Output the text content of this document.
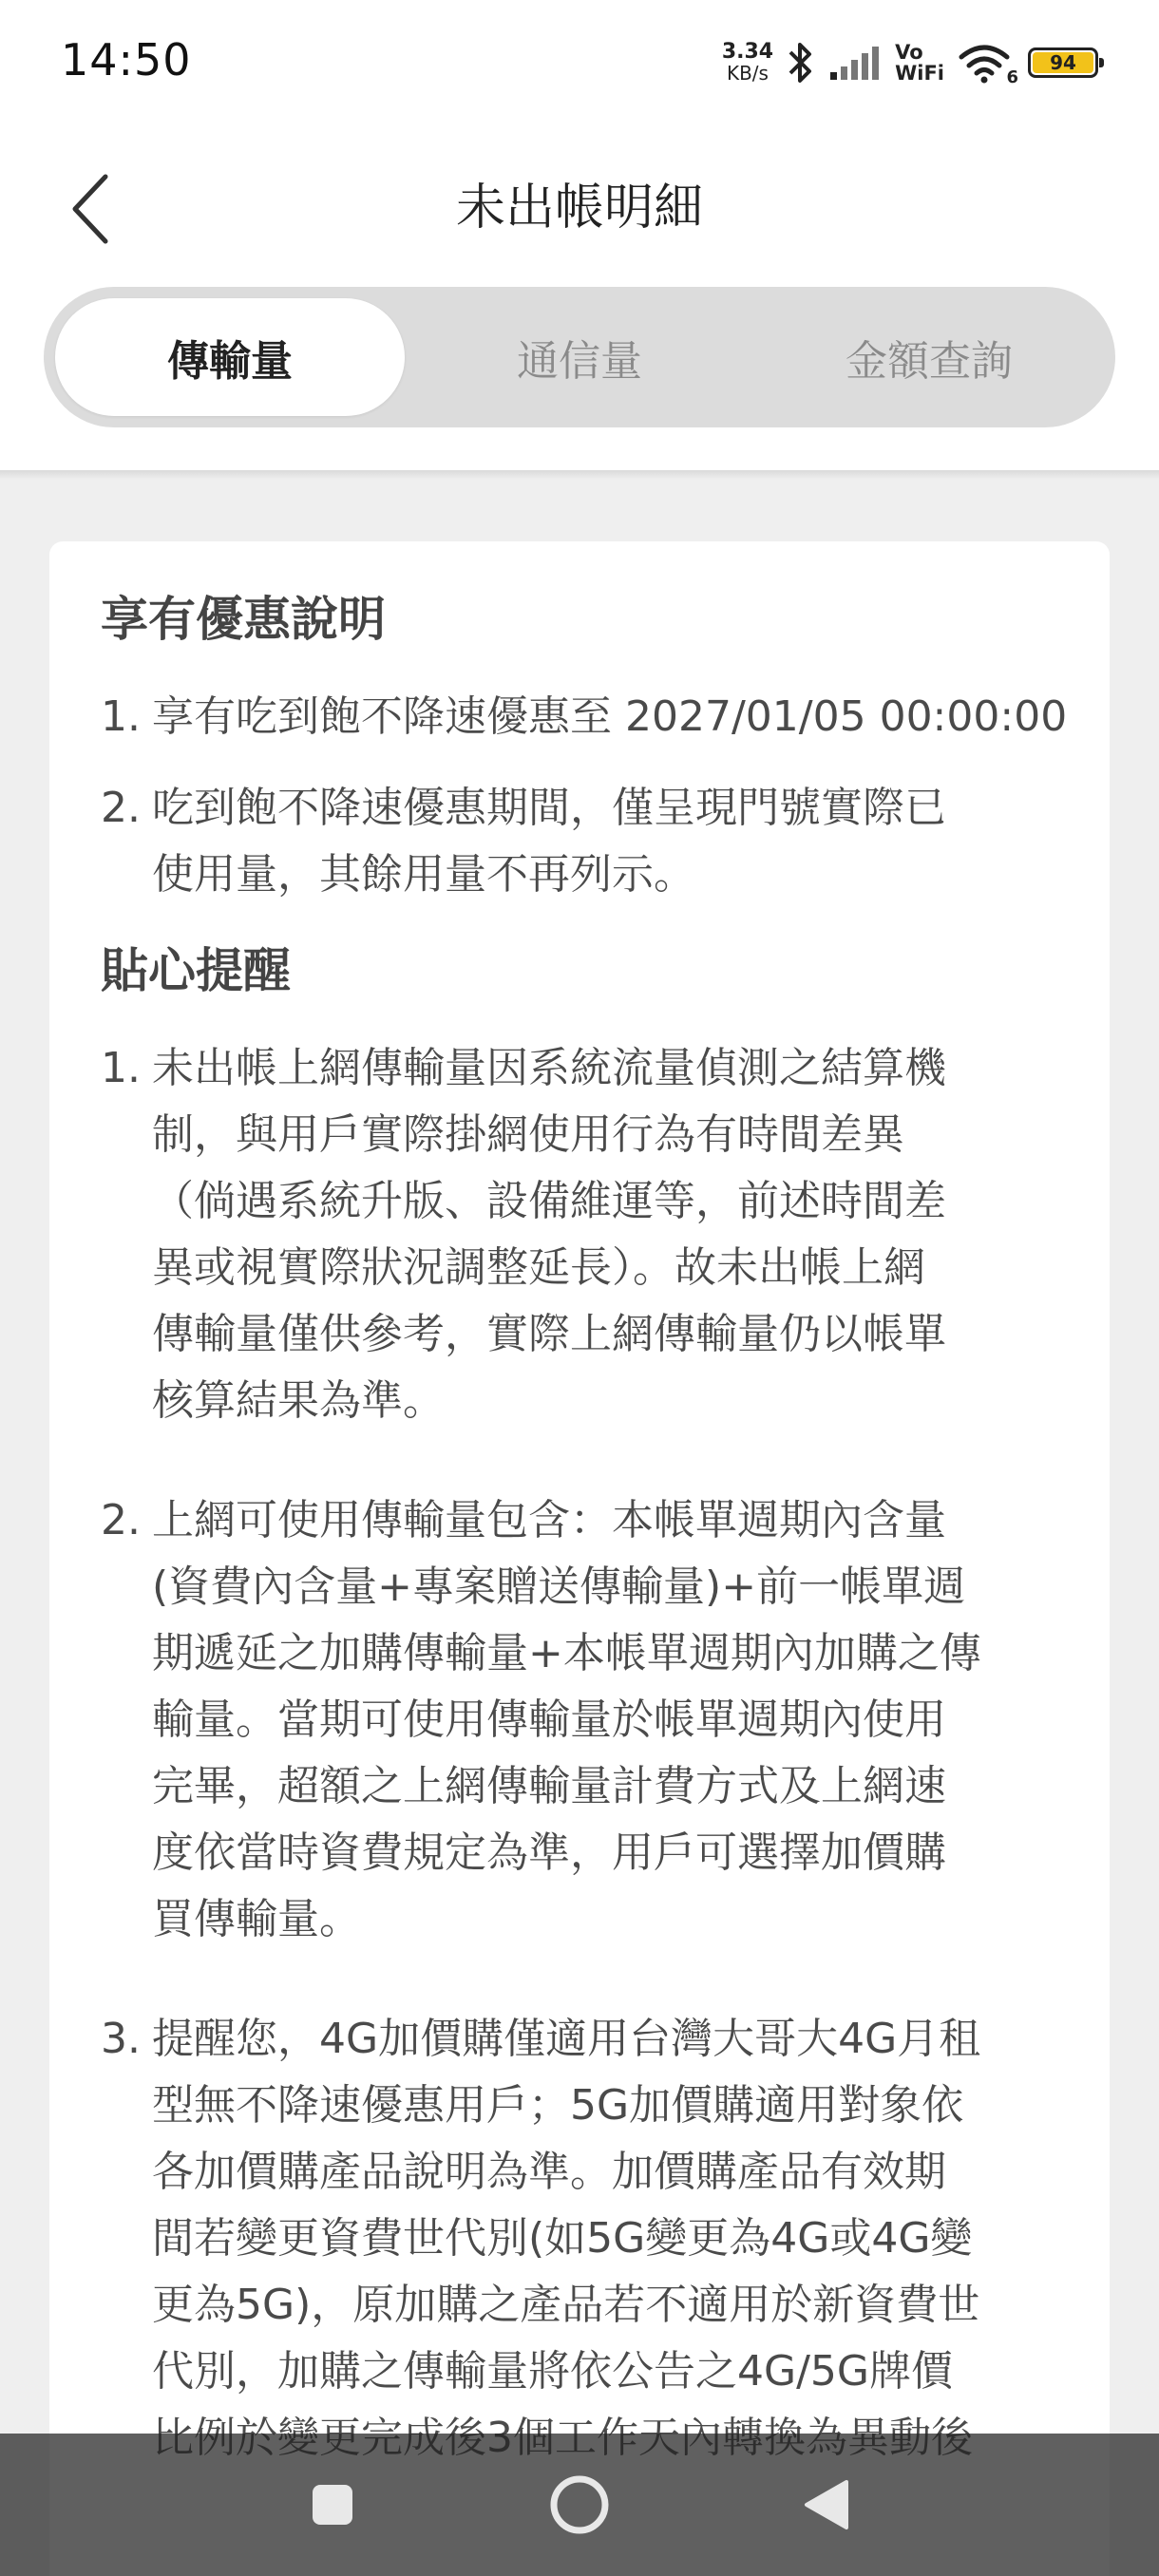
14:50	3.34
KB/s
Vo
WiFi	6
94
未出帳明細
傳輸量	通信量	金額查詢
享有優惠說明
1. 享有吃到飽不降速優惠至 2027/01/05 00:00:00
2. 吃到飽不降速優惠期間，僅呈現門號實際已
使用量，其餘用量不再列示。
貼心提醒
1. 未出帳上網傳輸量因系統流量偵測之結算機
制，與用戶實際掛網使用行為有時間差異
（倘遇系統升版、設備維運等，前述時間差
異或視實際狀況調整延長）。故未出帳上網
傳輸量僅供參考，實際上網傳輸量仍以帳單
核算結果為準。
2. 上網可使用傳輸量包含：本帳單週期內含量
(資費內含量+專案贈送傳輸量)+前一帳單週
期遞延之加購傳輸量+本帳單週期內加購之傳
輸量。當期可使用傳輸量於帳單週期內使用
完畢，超額之上網傳輸量計費方式及上網速
度依當時資費規定為準，用戶可選擇加價購
買傳輸量。
3. 提醒您，4G加價購僅適用台灣大哥大4G月租
型無不降速優惠用戶；5G加價購適用對象依
各加價購產品說明為準。加價購產品有效期
間若變更資費世代別(如5G變更為4G或4G變
更為5G)，原加購之產品若不適用於新資費世
代別，加購之傳輸量將依公告之4G/5G牌價
